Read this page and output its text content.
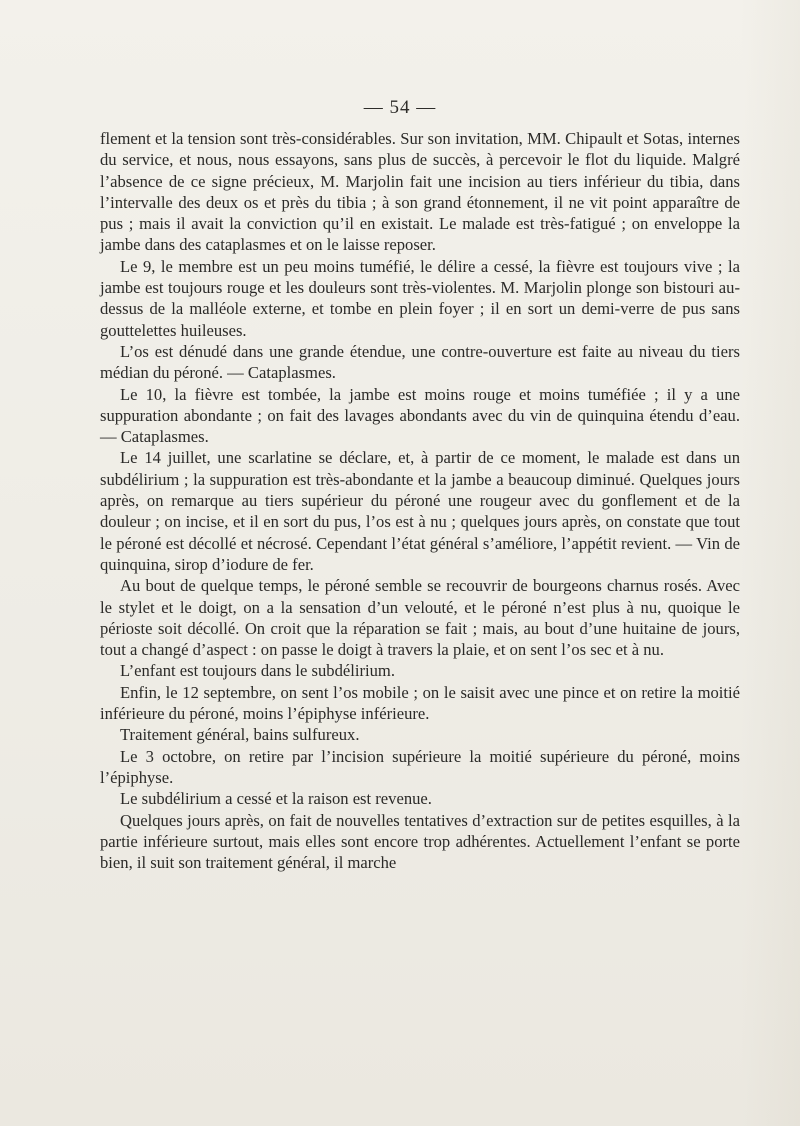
— 54 —

flement et la tension sont très-considérables. Sur son invitation, MM. Chipault et Sotas, internes du service, et nous, nous essayons, sans plus de succès, à percevoir le flot du liquide. Malgré l’absence de ce signe précieux, M. Marjolin fait une incision au tiers inférieur du tibia, dans l’intervalle des deux os et près du tibia ; à son grand étonnement, il ne vit point apparaître de pus ; mais il avait la conviction qu’il en existait. Le malade est très-fatigué ; on enveloppe la jambe dans des cataplasmes et on le laisse reposer.

Le 9, le membre est un peu moins tuméfié, le délire a cessé, la fièvre est toujours vive ; la jambe est toujours rouge et les douleurs sont très-violentes. M. Marjolin plonge son bistouri au-dessus de la malléole externe, et tombe en plein foyer ; il en sort un demi-verre de pus sans gouttelettes huileuses.

L’os est dénudé dans une grande étendue, une contre-ouverture est faite au niveau du tiers médian du péroné. — Cataplasmes.

Le 10, la fièvre est tombée, la jambe est moins rouge et moins tuméfiée ; il y a une suppuration abondante ; on fait des lavages abondants avec du vin de quinquina étendu d’eau. — Cataplasmes.

Le 14 juillet, une scarlatine se déclare, et, à partir de ce moment, le malade est dans un subdélirium ; la suppuration est très-abondante et la jambe a beaucoup diminué. Quelques jours après, on remarque au tiers supérieur du péroné une rougeur avec du gonflement et de la douleur ; on incise, et il en sort du pus, l’os est à nu ; quelques jours après, on constate que tout le péroné est décollé et nécrosé. Cependant l’état général s’améliore, l’appétit revient. — Vin de quinquina, sirop d’iodure de fer.

Au bout de quelque temps, le péroné semble se recouvrir de bourgeons charnus rosés. Avec le stylet et le doigt, on a la sensation d’un velouté, et le péroné n’est plus à nu, quoique le périoste soit décollé. On croit que la réparation se fait ; mais, au bout d’une huitaine de jours, tout a changé d’aspect : on passe le doigt à travers la plaie, et on sent l’os sec et à nu.

L’enfant est toujours dans le subdélirium.

Enfin, le 12 septembre, on sent l’os mobile ; on le saisit avec une pince et on retire la moitié inférieure du péroné, moins l’épiphyse inférieure.

Traitement général, bains sulfureux.

Le 3 octobre, on retire par l’incision supérieure la moitié supérieure du péroné, moins l’épiphyse.

Le subdélirium a cessé et la raison est revenue.

Quelques jours après, on fait de nouvelles tentatives d’extraction sur de petites esquilles, à la partie inférieure surtout, mais elles sont encore trop adhérentes. Actuellement l’enfant se porte bien, il suit son traitement général, il marche
